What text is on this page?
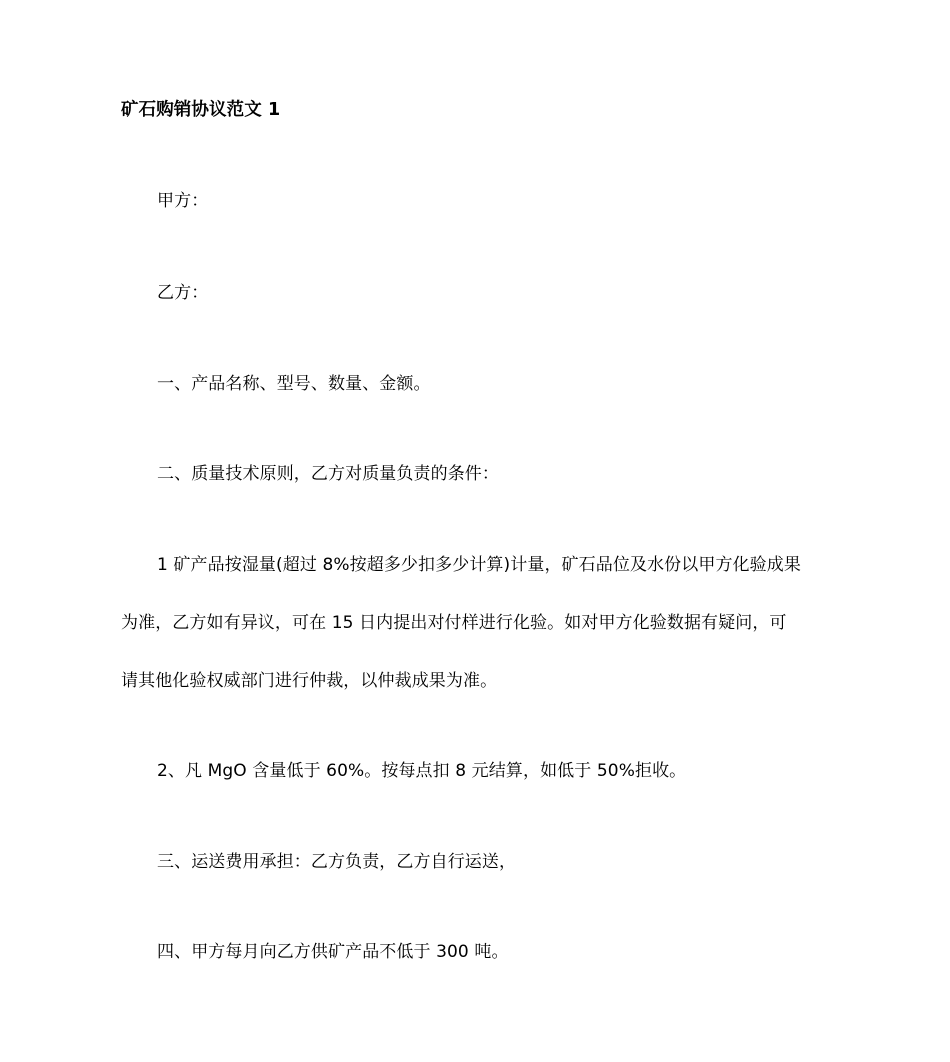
矿石购销协议范文 1
甲方：
乙方：
一、产品名称、型号、数量、金额。
二、质量技术原则，乙方对质量负责的条件：
1 矿产品按湿量(超过 8%按超多少扣多少计算)计量，矿石品位及水份以甲方化验成果
为准，乙方如有异议，可在 15 日内提出对付样进行化验。如对甲方化验数据有疑问，可
请其他化验权威部门进行仲裁，以仲裁成果为准。
2、凡 MgO 含量低于 60%。按每点扣 8 元结算，如低于 50%拒收。
三、运送费用承担：乙方负责，乙方自行运送，
四、甲方每月向乙方供矿产品不低于 300 吨。
